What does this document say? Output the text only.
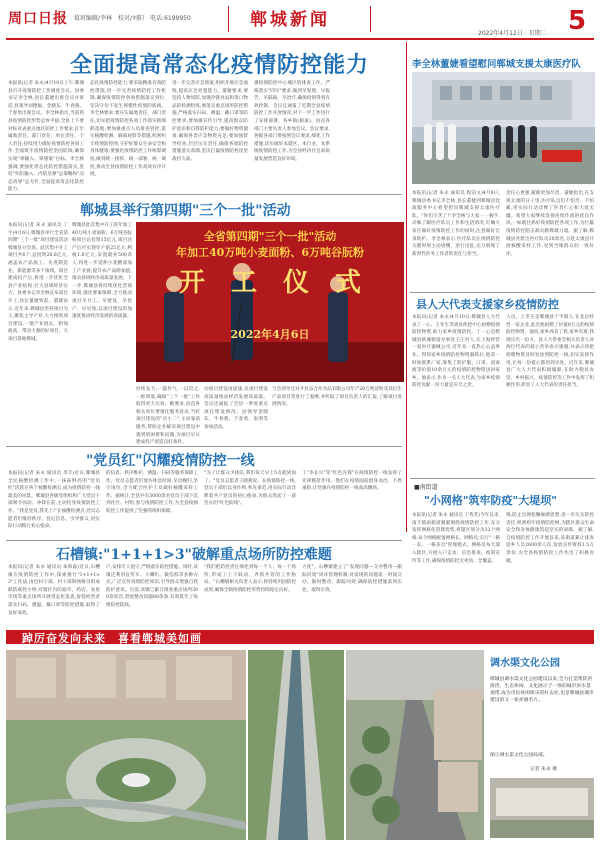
周口日报 值班编辑/李林　校对/刘阳　电话:6199950	郸城新闻
2022年4月12日　星期二 5
全面提高常态化疫情防控能力
本报讯(记者 朱永)4月10日上午,郸城县召开疫情防控工作调度会议。县委书记李全林,县长董婕出席会议并讲话,县领导刘德福、金晓东、牛春燕、于春勇出席会议。李全林指出,当前我县疫情防控形势总体平稳,全县上下要对标对表重点地区防控工作要求,扛牢属地责任、部门责任、单位责任、个人责任,持续用力做好疫情防控各项工作,全面筑牢疫情防控坚固防线,确保实现"零输入、零感染"目标。李全林强调,要强化常态化防控措施落实,坚持"外防输入、内防反弹"总策略和"动态清零"总方针,全面提高常态化防控能力。
态化疫情防控能力,要采取精准有效防控措施,进一步完善疫情防控工作机制,确保疫情防控各项措施落实到位,坚决守住不发生规模性疫情的底线。李全林要求,要压实属地责任、部门责任,切实把疫情防控各项工作抓实抓细抓落地;要加强重点人员排查管控,落实核酸检测、隔离观察等措施,织密织牢疫情防控网,守护好群众生命安全和身体健康;要强化疫情防控工作统筹调度,做到统一指挥、统一部署、统一调度,推动全县疫情防控工作高效有序开展。
进一步完善应急预案,组织开展应急演练,提高应急处置能力。董婕要求,要坚持人物同防,加强冷链食品和进口物品的检测检疫;要落实重点场所防控措施,严格落实扫码、测温、戴口罩等防控要求;要加强宣传引导,提高群众防护意识和自我防护能力;要做好物资储备,确保各类应急物资充足;要加强督导检查,层层压实责任,确保各项防控措施落实落细,坚决打赢疫情防控攻坚战持久战。
强疫情防控中心城区的排查工作。严格落实"四早"要求,做到早发现、早报告、早隔离、早治疗,确保疫情得到有效控制。会议还通报了近期全县疫情防控工作开展情况,对下一步工作进行了安排部署。各乡镇(街道)、县直各部门主要负责人参加会议。会议要求,各级各部门要按照会议要求,细化工作措施,切实做好本辖区、本行业、本系统疫情防控工作,为全县经济社会高质量发展营造良好环境。
李全林董婕看望慰问郸城支援太康医疗队
本报讯(记者 朱永 通讯员 程洁文)4月8日,郸城县委书记李全林,县长董婕到郸城县党政服务中心看望慰问郸城支援太康医疗队。"你们辛苦了!"李全林与大家一一握手,详细了解医疗队员工作和生活情况,叮嘱大家在做好疫情防控工作的同时,注意做好自身防护。李全林表示,医疗队员在疫情防控关键时刻主动请缨、逆行出征,充分展现了新时代医务工作者的责任与担当。
责任心更强,履职更加尽责。董婕指出,在支援太康的日子里,医疗队员们不怕苦、不怕累,用实际行动诠释了医者仁心和大爱无疆。希望大家继续发扬连续作战的优良作风,一如既往抓好疫情防控各项工作,为打赢疫情防控阻击战贡献郸城力量。据了解,郸城县共派出医疗队员30余名,分赴太康县开展核酸采样工作,受到当地群众的一致好评。
郸城县举行第四期"三个一批"活动
本报讯(记者 朱永 通讯员 丁宇)4月6日,郸城县举行全省第四期"三个一批"项目建设活动郸城县分会场。此次集中开工项目共6个,总投资28.6亿元,涵盖农产品加工、先进制造业、新能源等多个领域。项目建成投产后,将进一步优化全县产业结构,壮大县域经济实力。县委书记李全林宣布项目开工,县长董婕致辞。董婕表示,近年来,郸城县坚持项目为王,聚焦主导产业,大力推进项目建设,一批产业链长、附加值高、带动力强的好项目、大项目落地郸城。
郸城县此次集中开工的年加工40万吨小麦面粉、6万吨谷朊粉项目总投资15亿元,项目达产后可实现年产值25亿元,利税1.8亿元,安置就业500余人,将进一步延伸小麦精深加工产业链,提升农产品附加值,推动县域经济高质量发展。下一步,郸城县将持续优化营商环境,强化要素保障,全力推动项目早开工、早建设、早投产、早见效,以项目建设的加速度推动经济发展的高质量。
全省第四期"三个一批"活动
年加工40万吨小麦面粉、6万吨谷朊粉
开　工　仪　式
2022年4月6日
持续发力,一鼓作气,一以贯之,一抓到底,确保"三个一批"工作取得更大实效。她要求,县直各相关单位要强化服务意识,当好项目建设的"店小二",主动靠前服务,帮助企业解决项目建设中遇到的困难和问题,为项目早日建成投产创造良好条件。
动项目建设再提速,以项目建设高质量推动经济发展高质量。会议还通报了全县一季度重点项目建设情况。县领导金晓东、牛春燕、于春勇、张明等参加活动。
与会领导还对开封奋合作食品有限公司年产20万吨淀粉及其衍生产品项目等进行了观摩,并听取了项目负责人的汇报,了解项目进展情况。
县人大代表支援家乡疫情防控
本报讯(记者 朱永)4月10日,郸城县人大代表丁一心、王冬生等到县疾控中心捐赠疫情防控物资,助力家乡疫情防控。丁一心是郸城县新城街道办事处王庄村人,在上海经营一家医疗器械公司,近年来一直热心公益事业。得知家乡疫情防控物资紧缺后,他第一时间联系厂家,筹集了防护服、口罩、消毒液等价值10余万元的疫情防控物资送回家乡。他表示,作为一名人大代表,为家乡疫情防控贡献一份力量是应尽之责。
人员。王冬生是郸城县宁平镇人,在北京经营一家企业,此次他捐赠了价值8万元的疫情防控物资。他说,家乡养育了我,家乡有难,我理应出一份力。县人大常委会相关负责人对两位代表的爱心善举表示感谢,并表示将把捐赠物资及时发放到防控一线,切实发挥作用,让每一份爱心都用到实处。近年来,郸城县广大人大代表积极履职,在助力脱贫攻坚、乡村振兴、疫情防控等工作中发挥了积极作用,彰显了人大代表的责任担当。
"党员红"闪耀疫情防控一线
本报讯(记者 朱永 通讯员 李丰)近日,郸城县全民核酸检测工作中,一抹抹鲜亮的"党员红"活跃在各个核酸检测点,成为疫情防控一线最美的风景。郸城县各级党组织和广大党员干部闻令而动、冲锋在前,主动投身疫情防控工作。"我是党员,我先上!"在核酸检测点,党员志愿者们维持秩序、登记信息、引导群众,用实际行动践行初心使命。
的信息、秩序维护、测温、扫码等服务保障工作。党员志愿者们放弃休息时间,早出晚归,坚守岗位,全力配合医护人员做好核酸采样工作。据统计,全县共有3000余名党员干部下沉到社区、村组,参与疫情防控工作,为全县疫情防控工作提供了坚强的组织保障。
"为了让群众少排队,我们每天早上5点就到岗了。"党员志愿者王晓燕说。在疫情防控一线,党员干部们以身作则,率先垂范,用实际行动诠释着共产党员的初心使命,为群众筑起了一道坚实的"红色防线"。
丁"李长兴"等"红色先锋"在疫情防控一线发挥了先锋模范作用。他们在疫情面前挺身而出、不畏艰险,让党旗在疫情防控一线高高飘扬。	■南街道
"小网格"筑牢防疫"大堤坝"
本报讯(记者 朱永 通讯员 丁秀芳)今年以来,南丰镇南街道紧紧围绕疫情防控工作,充分发挥网格化管理优势,将辖区划分为32个网格,每个网格配备网格长、网格员,实行"一格一长、一格多员"管理模式。网格员每天深入辖区,开展入户走访、信息排查、政策宣传等工作,确保疫情防控无死角、全覆盖。
惕,防止出现松懈麻痹思想,进一步压实防控责任,织密织牢疫情防控网,为辖区群众生命安全和身体健康筑起坚实的屏障。据了解,自疫情防控工作开展以来,该街道累计排查返乡人员2600余人次,发放宣传资料1.5万余份,为全县疫情防控工作作出了积极贡献。
石槽镇:"1+1+1>3"破解重点场所防控难题
本报讯(记者 朱永 通讯员 朱和淼)近日,石槽镇在疫情防控工作中,探索推行"1+1+1>3"工作法,由包村干部、村干部和网格员组成联防联控小组,对辖区内的超市、药店、农贸市场等重点场所开展常态化巡查,督促经营者落实扫码、测温、戴口罩等防控措施,取得了良好成效。
户,安排专人值守,严格落实防控措施。同时,该镇还利用宣传车、大喇叭、微信群等多种方式,广泛宣传疫情防控知识,引导群众增强自我防护意识。目前,该镇已累计排查重点场所300余家次,督促整改问题80余条,有效筑牢了疫情防控防线。
"我们把防控责任细化到每一个人、每一个场所,形成了上下联动、齐抓共管的工作格局。"石槽镇相关负责人表示,将持续巩固防控成果,确保全镇疫情防控形势持续稳定向好。
力度"。石槽镇建立了"发现问题—交办整改—跟踪问效"闭环管理机制,对发现的问题第一时间交办、限时整改、跟踪问效,确保防控措施落到实处、取得实效。
踔厉奋发向未来　喜看郸城美如画
调水渠文化公园
郸城县调水渠文化公园建设以来,全力打造集防洪排涝、生态休闲、文化展示于一体的城市滨水景观带,成为市民休闲娱乐的好去处,也是郸城县城市建设的又一张亮丽名片。
图①调水渠文化公园局部。
记者 朱永 摄
